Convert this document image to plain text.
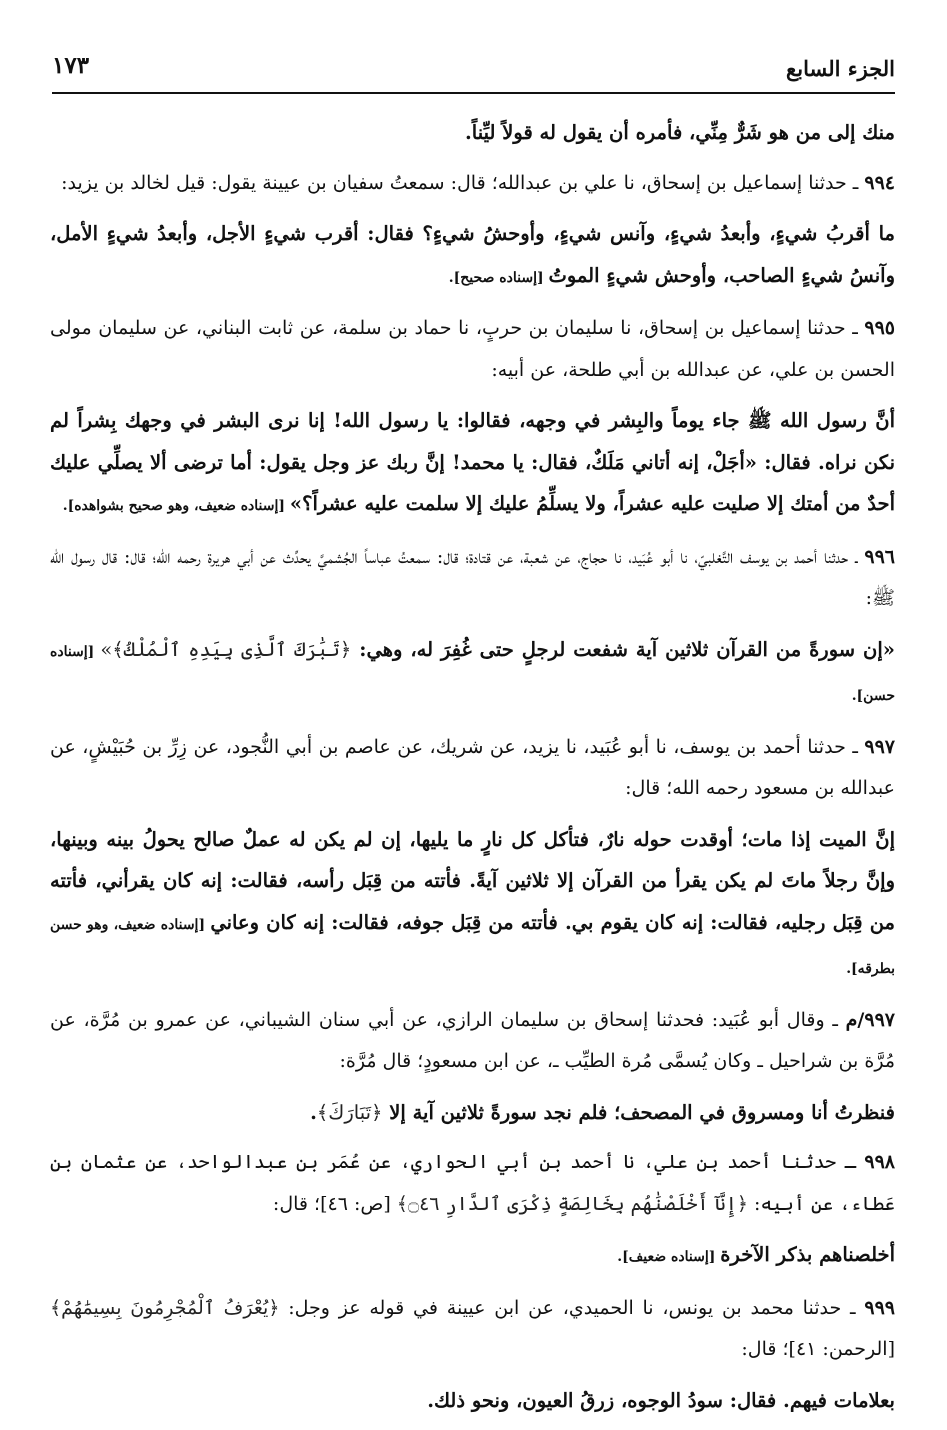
الجزء السابع
١٧٣

منك إلى من هو شَرٌّ مِنِّي، فأمره أن يقول له قولاً ليِّناً.

٩٩٤ ـ حدثنا إسماعيل بن إسحاق، نا علي بن عبدالله؛ قال: سمعتُ سفيان بن عيينة يقول: قيل لخالد بن يزيد:

ما أقربُ شيءٍ، وأبعدُ شيءٍ، وآنس شيءٍ، وأوحشُ شيءٍ؟ فقال: أقرب شيءٍ الأجل، وأبعدُ شيءٍ الأمل، وآنسُ شيءٍ الصاحب، وأوحش شيءٍ الموتُ [إسناده صحيح].

٩٩٥ ـ حدثنا إسماعيل بن إسحاق، نا سليمان بن حربٍ، نا حماد بن سلمة، عن ثابت البناني، عن سليمان مولى الحسن بن علي، عن عبدالله بن أبي طلحة، عن أبيه:

أنَّ رسول الله ﷺ جاء يوماً والبِشر في وجهه، فقالوا: يا رسول الله! إنا نرى البشر في وجهك بِشراً لم نكن نراه. فقال: «أجَلْ، إنه أتاني مَلَكٌ، فقال: يا محمد! إنَّ ربك عز وجل يقول: أما ترضى ألا يصلِّي عليك أحدٌ من أمتك إلا صليت عليه عشراً، ولا يسلِّمُ عليك إلا سلمت عليه عشراً؟» [إسناده ضعيف، وهو صحيح بشواهده].

٩٩٦ ـ حدثنا أحمد بن يوسف التَّغلبيّ، نا أبو عُبَيد، نا حجاج، عن شعبة، عن قتادة؛ قال: سمعتُ عباساً الجُشميَّ يحدِّث عن أبي هريرة رحمه الله؛ قال: قال رسول الله ﷺ:

«إن سورةً من القرآن ثلاثين آية شفعت لرجلٍ حتى غُفِرَ له، وهي: ﴿تَبَٰرَكَ ٱلَّذِى بِيَدِهِ ٱلْمُلْكُ﴾» [إسناده حسن].

٩٩٧ ـ حدثنا أحمد بن يوسف، نا أبو عُبَيد، نا يزيد، عن شريك، عن عاصم بن أبي النُّجود، عن زِرِّ بن حُبَيْشٍ، عن عبدالله بن مسعود رحمه الله؛ قال:

إنَّ الميت إذا مات؛ أوقدت حوله نارٌ، فتأكل كل نارٍ ما يليها، إن لم يكن له عملٌ صالح يحولُ بينه وبينها، وإنَّ رجلاً ماتَ لم يكن يقرأ من القرآن إلا ثلاثين آيةً. فأتته من قِبَل رأسه، فقالت: إنه كان يقرأني، فأتته من قِبَل رجليه، فقالت: إنه كان يقوم بي. فأتته من قِبَل جوفه، فقالت: إنه كان وعاني [إسناده ضعيف، وهو حسن بطرقه].

٩٩٧/م ـ وقال أبو عُبَيد: فحدثنا إسحاق بن سليمان الرازي، عن أبي سنان الشيباني، عن عمرو بن مُرَّة، عن مُرَّة بن شراحيل ـ وكان يُسمَّى مُرة الطيِّب ـ، عن ابن مسعودٍ؛ قال مُرَّة:

فنظرتُ أنا ومسروق في المصحف؛ فلم نجد سورةً ثلاثين آية إلا ﴿تَبَارَكَ﴾.

٩٩٨ ـ حدثنا أحمد بن علي، نا أحمد بن أبي الحواري، عن عُمَر بن عبدالواحد، عن عثمان بن عَطاء، عن أبيه: ﴿إِنَّآ أَخْلَصْنَٰهُم بِخَالِصَةٍ ذِكْرَى ٱلدَّارِ ۝٤٦﴾ [ص: ٤٦]؛ قال:

أخلصناهم بذكر الآخرة [إسناده ضعيف].

٩٩٩ ـ حدثنا محمد بن يونس، نا الحميدي، عن ابن عيينة في قوله عز وجل: ﴿يُعْرَفُ ٱلْمُجْرِمُونَ بِسِيمَٰهُمْ﴾ [الرحمن: ٤١]؛ قال:

بعلامات فيهم. فقال: سودُ الوجوه، زرقُ العيون، ونحو ذلك.
